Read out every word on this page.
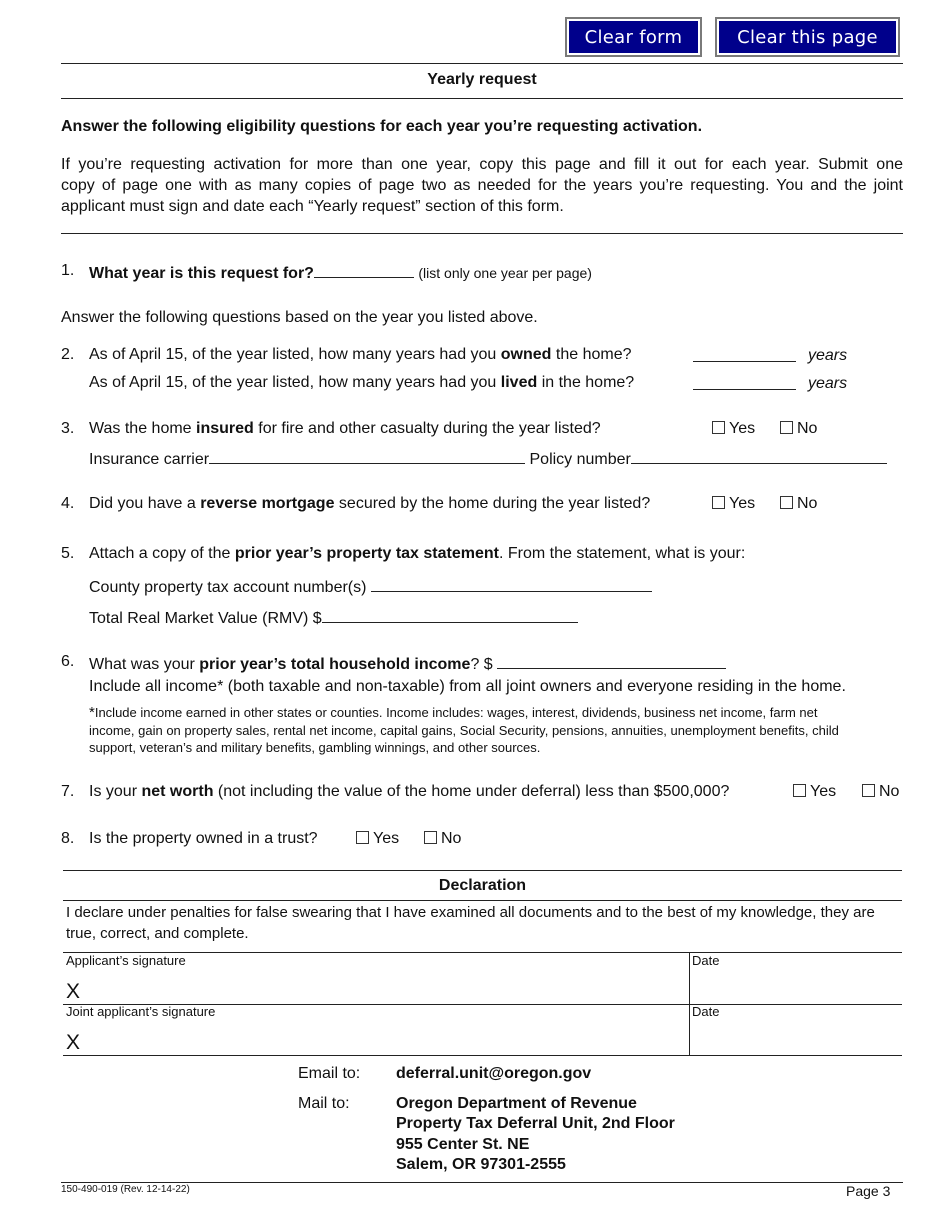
Clear form	Clear this page
Yearly request
Answer the following eligibility questions for each year you’re requesting activation.
If you’re requesting activation for more than one year, copy this page and fill it out for each year. Submit one
copy of page one with as many copies of page two as needed for the years you’re requesting. You and the joint
applicant must sign and date each “Yearly request” section of this form.
1. What year is this request for?	(list only one year per page)
Answer the following questions based on the year you listed above.
2. As of April 15, of the year listed, how many years had you owned the home?	years
As of April 15, of the year listed, how many years had you lived in the home?	years
3. Was the home insured for fire and other casualty during the year listed?	Yes	No
Insurance carrier	Policy number
4. Did you have a reverse mortgage secured by the home during the year listed?	Yes	No
5. Attach a copy of the prior year’s property tax statement. From the statement, what is your:
County property tax account number(s)
Total Real Market Value (RMV) $
6. What was your prior year’s total household income? $
Include all income* (both taxable and non-taxable) from all joint owners and everyone residing in the home.
*Include income earned in other states or counties. Income includes: wages, interest, dividends, business net income, farm net
income, gain on property sales, rental net income, capital gains, Social Security, pensions, annuities, unemployment benefits, child
support, veteran’s and military benefits, gambling winnings, and other sources.
7. Is your net worth (not including the value of the home under deferral) less than $500,000?	Yes	No
8. Is the property owned in a trust?	Yes	No
Declaration
I declare under penalties for false swearing that I have examined all documents and to the best of my knowledge, they are
true, correct, and complete.
Applicant’s signature
X
Date
Joint applicant’s signature
X
Date
Email to: deferral.unit@oregon.gov
Mail to:	Oregon Department of Revenue
Property Tax Deferral Unit, 2nd Floor
955 Center St. NE
Salem, OR 97301-2555
150-490-019 (Rev. 12-14-22)	Page 3
